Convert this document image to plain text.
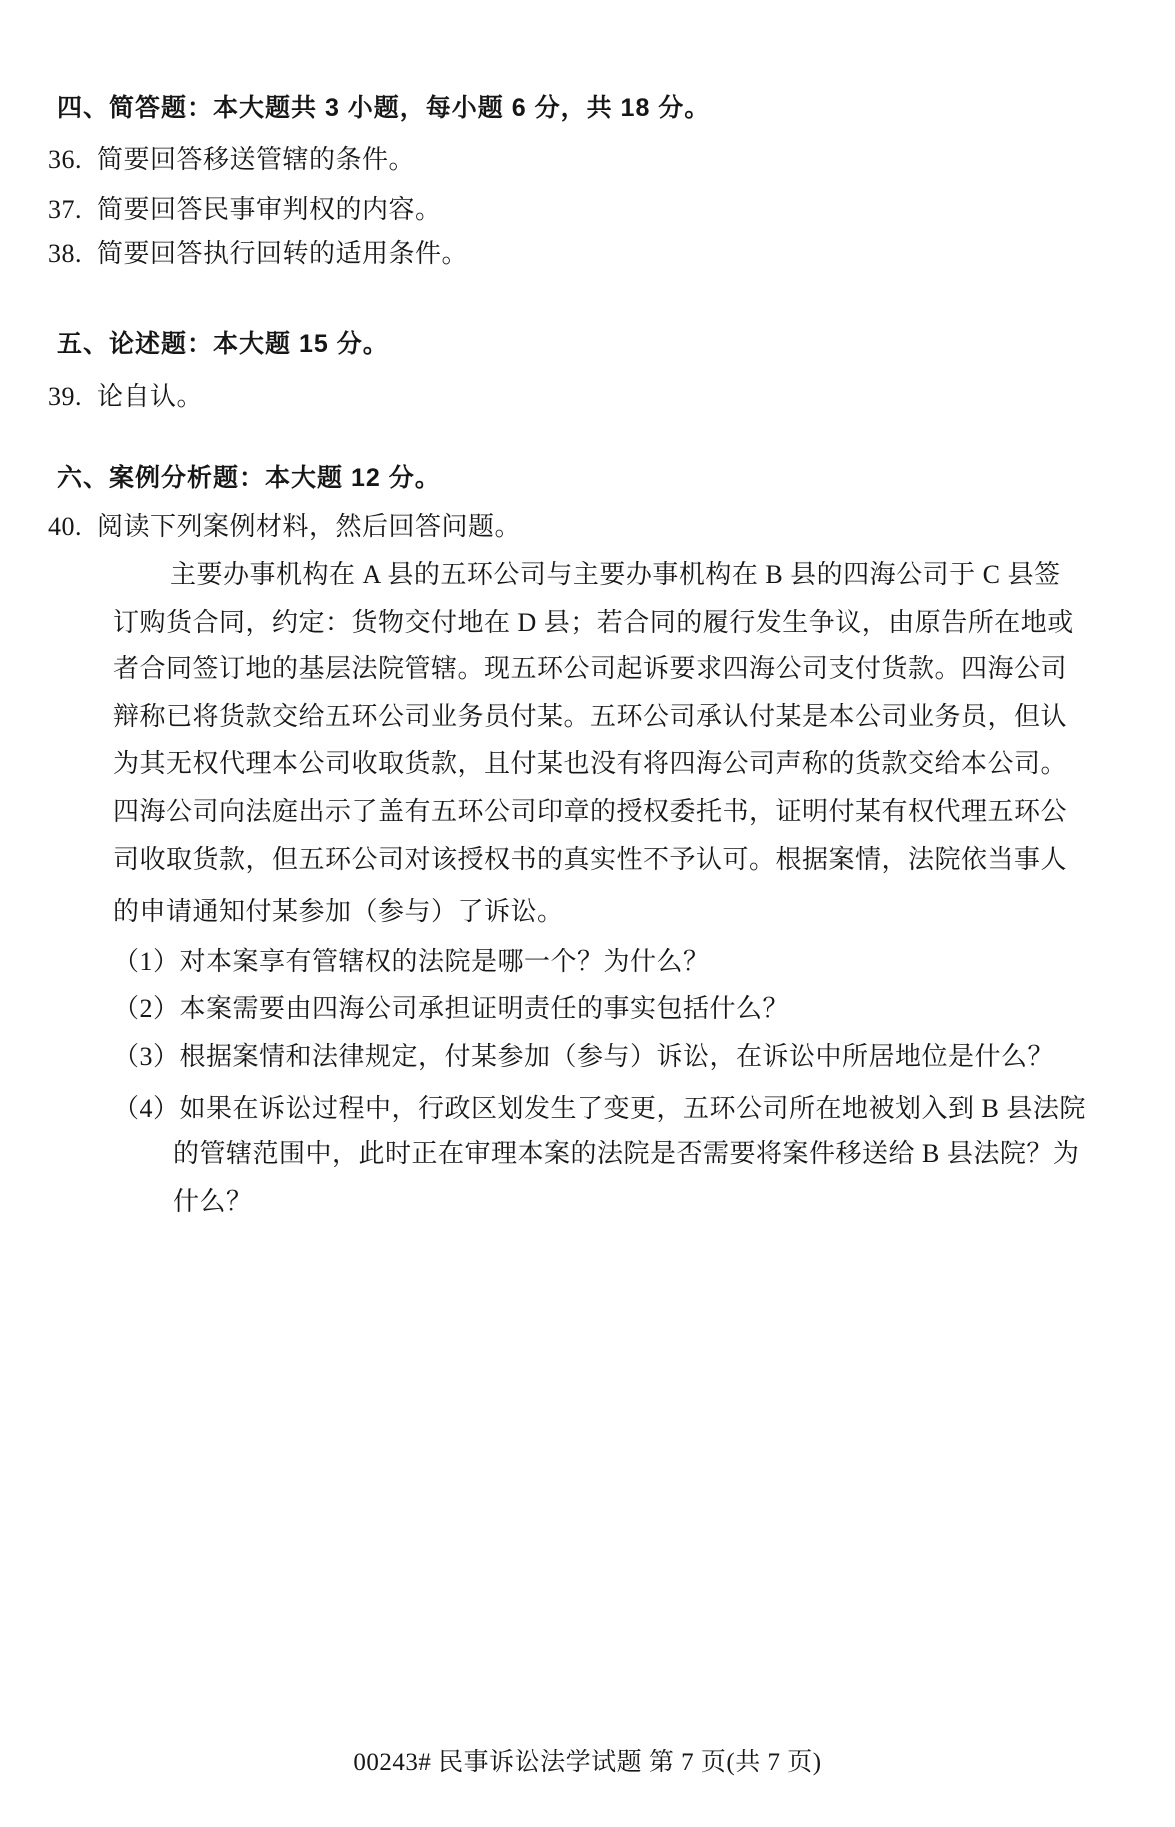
四、简答题：本大题共 3 小题，每小题 6 分，共 18 分。
36. 简要回答移送管辖的条件。
37. 简要回答民事审判权的内容。
38. 简要回答执行回转的适用条件。
五、论述题：本大题 15 分。
39. 论自认。
六、案例分析题：本大题 12 分。
40. 阅读下列案例材料，然后回答问题。
主要办事机构在 A 县的五环公司与主要办事机构在 B 县的四海公司于 C 县签
订购货合同，约定：货物交付地在 D 县；若合同的履行发生争议，由原告所在地或
者合同签订地的基层法院管辖。现五环公司起诉要求四海公司支付货款。四海公司
辩称已将货款交给五环公司业务员付某。五环公司承认付某是本公司业务员，但认
为其无权代理本公司收取货款，且付某也没有将四海公司声称的货款交给本公司。
四海公司向法庭出示了盖有五环公司印章的授权委托书，证明付某有权代理五环公
司收取货款，但五环公司对该授权书的真实性不予认可。根据案情，法院依当事人
的申请通知付某参加（参与）了诉讼。
（1）对本案享有管辖权的法院是哪一个？为什么？
（2）本案需要由四海公司承担证明责任的事实包括什么？
（3）根据案情和法律规定，付某参加（参与）诉讼，在诉讼中所居地位是什么？
（4）如果在诉讼过程中，行政区划发生了变更，五环公司所在地被划入到 B 县法院
的管辖范围中，此时正在审理本案的法院是否需要将案件移送给 B 县法院？为
什么？
00243# 民事诉讼法学试题 第 7 页(共 7 页)
